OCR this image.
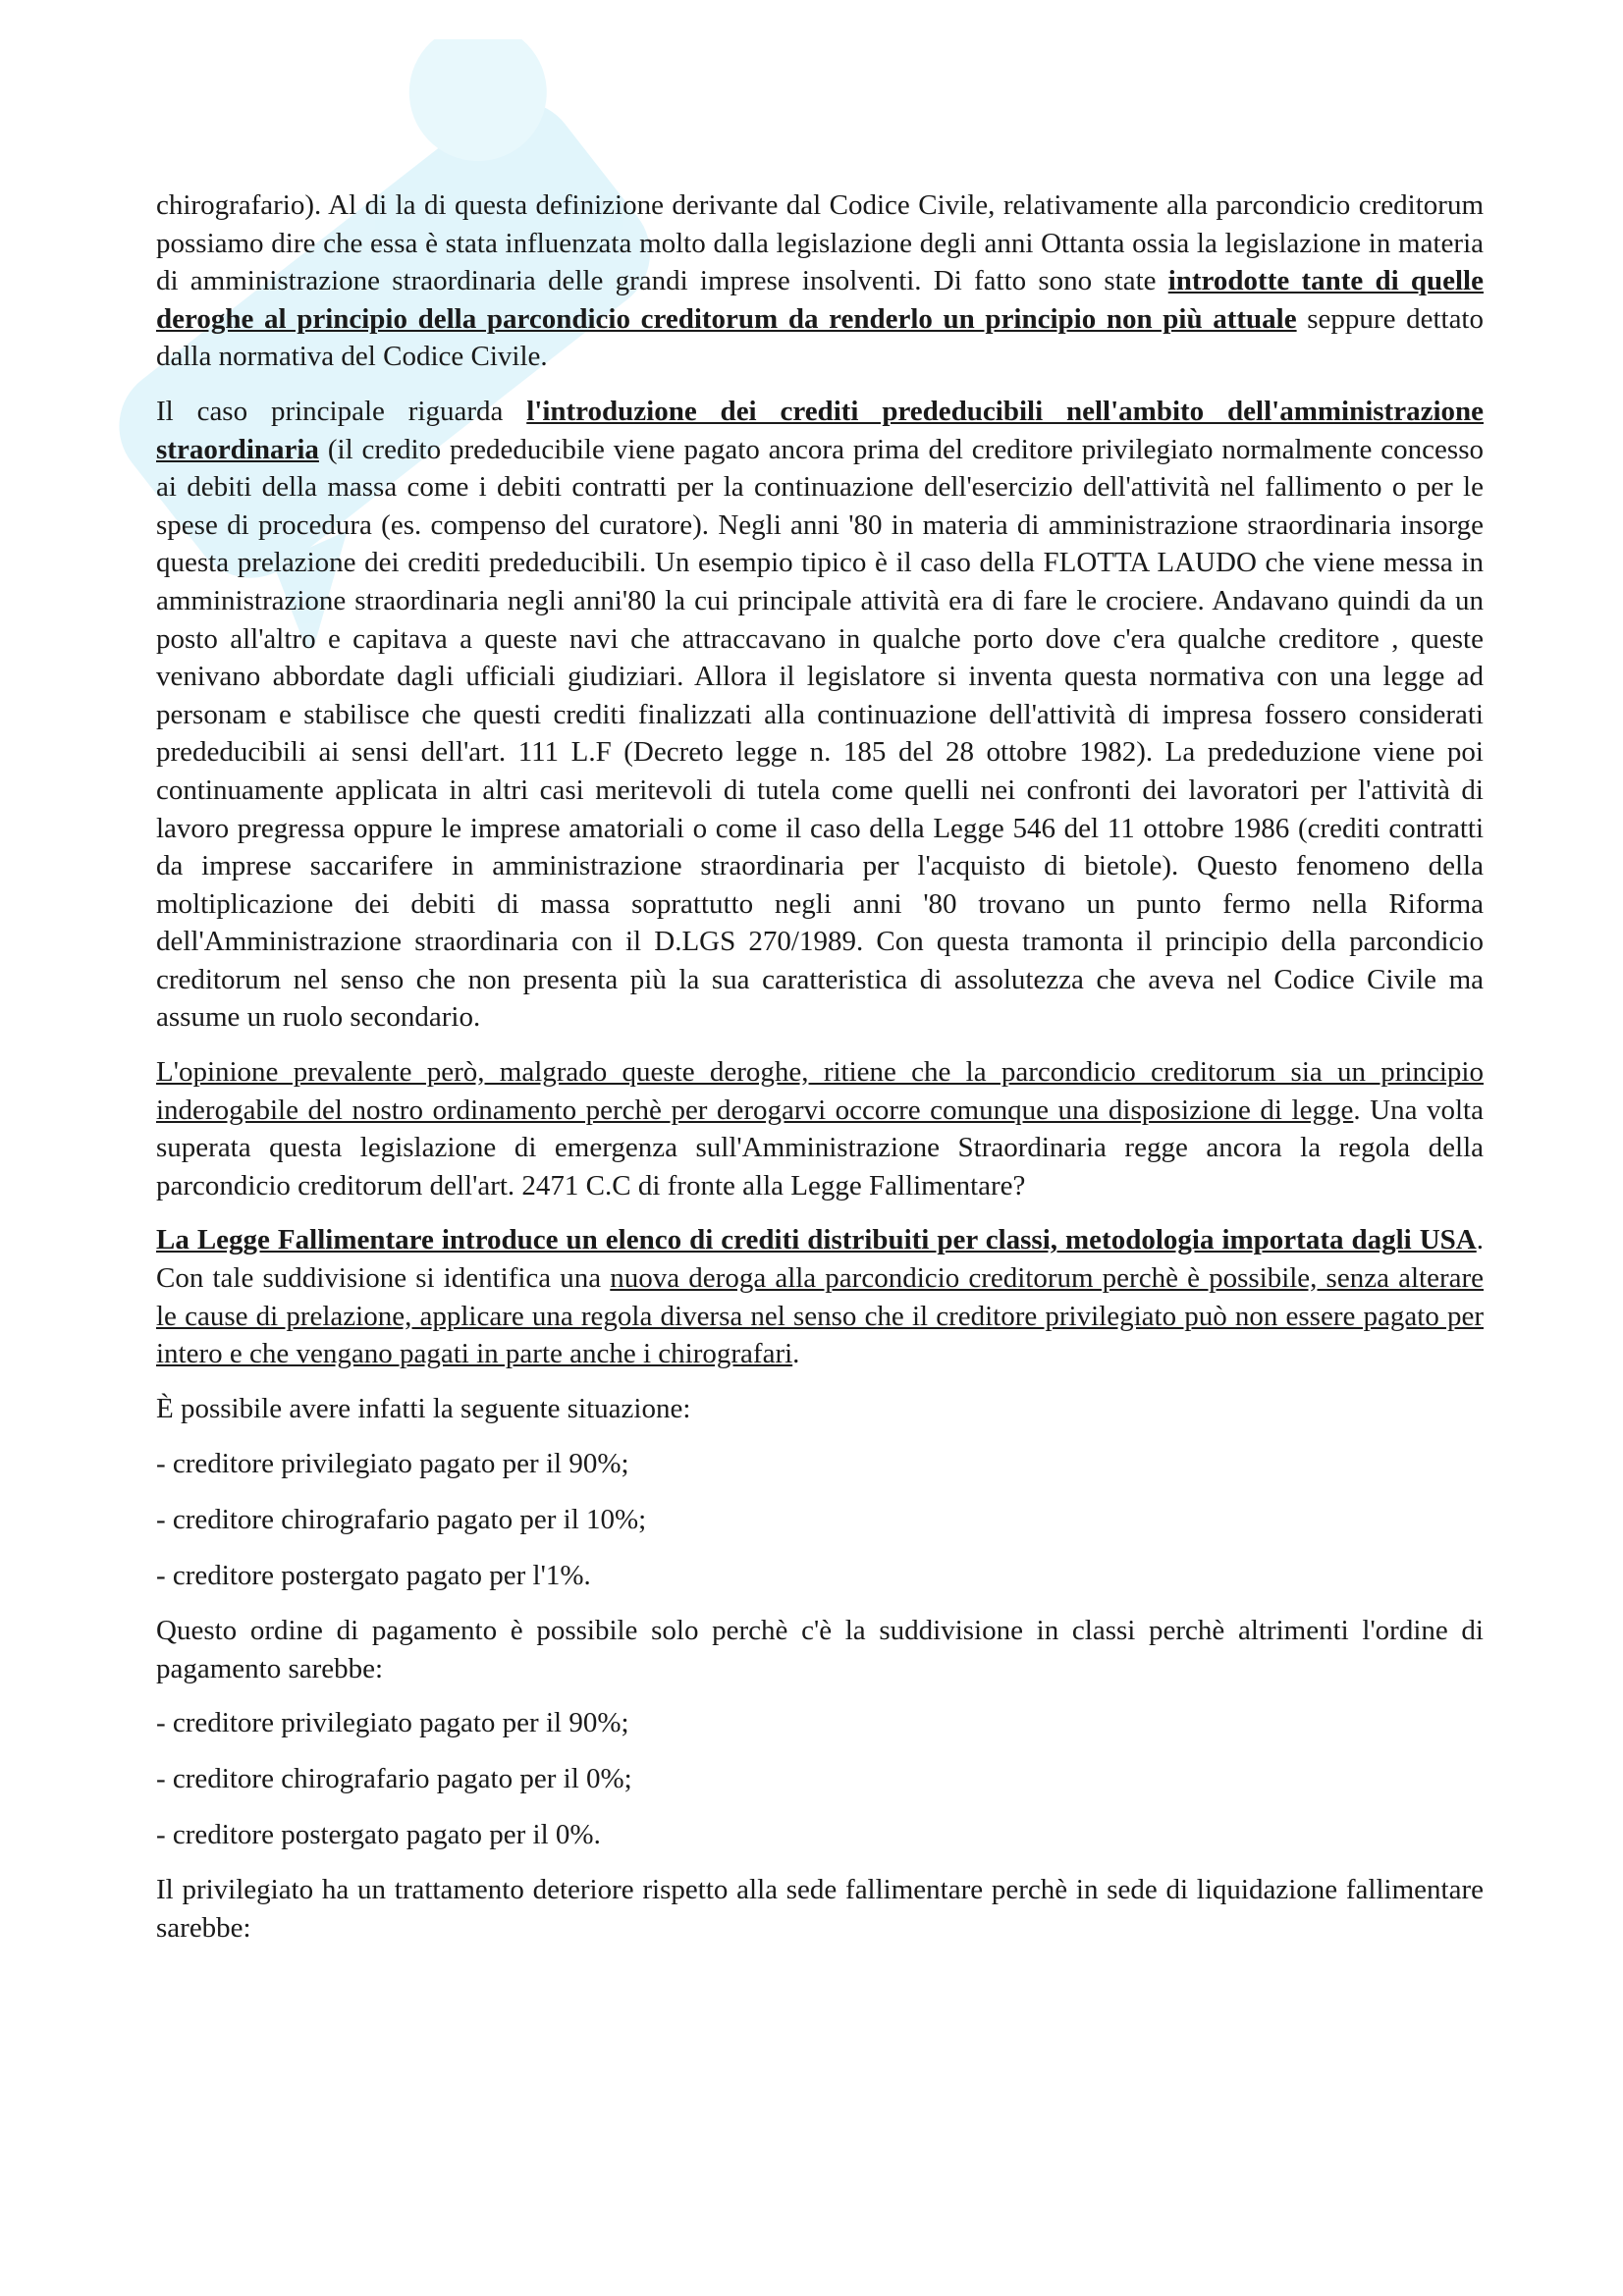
chirografario). Al di la di questa definizione derivante dal Codice Civile, relativamente alla parcondicio creditorum possiamo dire che essa è stata influenzata molto dalla legislazione degli anni Ottanta ossia la legislazione in materia di amministrazione straordinaria delle grandi imprese insolventi. Di fatto sono state introdotte tante di quelle deroghe al principio della parcondicio creditorum da renderlo un principio non più attuale seppure dettato dalla normativa del Codice Civile.

Il caso principale riguarda l'introduzione dei crediti prededucibili nell'ambito dell'amministrazione straordinaria (il credito prededucibile viene pagato ancora prima del creditore privilegiato normalmente concesso ai debiti della massa come i debiti contratti per la continuazione dell'esercizio dell'attività nel fallimento o per le spese di procedura (es. compenso del curatore). Negli anni '80 in materia di amministrazione straordinaria insorge questa prelazione dei crediti prededucibili. Un esempio tipico è il caso della FLOTTA LAUDO che viene messa in amministrazione straordinaria negli anni'80 la cui principale attività era di fare le crociere. Andavano quindi da un posto all'altro e capitava a queste navi che attraccavano in qualche porto dove c'era qualche creditore , queste venivano abbordate dagli ufficiali giudiziari. Allora il legislatore si inventa questa normativa con una legge ad personam e stabilisce che questi crediti finalizzati alla continuazione dell'attività di impresa fossero considerati prededucibili ai sensi dell'art. 111 L.F (Decreto legge n. 185 del 28 ottobre 1982). La prededuzione viene poi continuamente applicata in altri casi meritevoli di tutela come quelli nei confronti dei lavoratori per l'attività di lavoro pregressa oppure le imprese amatoriali o come il caso della Legge 546 del 11 ottobre 1986 (crediti contratti da imprese saccarifere in amministrazione straordinaria per l'acquisto di bietole). Questo fenomeno della moltiplicazione dei debiti di massa soprattutto negli anni '80 trovano un punto fermo nella Riforma dell'Amministrazione straordinaria con il D.LGS 270/1989. Con questa tramonta il principio della parcondicio creditorum nel senso che non presenta più la sua caratteristica di assolutezza che aveva nel Codice Civile ma assume un ruolo secondario.

L'opinione prevalente però, malgrado queste deroghe, ritiene che la parcondicio creditorum sia un principio inderogabile del nostro ordinamento perchè per derogarvi occorre comunque una disposizione di legge. Una volta superata questa legislazione di emergenza sull'Amministrazione Straordinaria regge ancora la regola della parcondicio creditorum dell'art. 2471 C.C di fronte alla Legge Fallimentare?

La Legge Fallimentare introduce un elenco di crediti distribuiti per classi, metodologia importata dagli USA. Con tale suddivisione si identifica una nuova deroga alla parcondicio creditorum perchè è possibile, senza alterare le cause di prelazione, applicare una regola diversa nel senso che il creditore privilegiato può non essere pagato per intero e che vengano pagati in parte anche i chirografari.

È possibile avere infatti la seguente situazione:

- creditore privilegiato pagato per il 90%;

- creditore chirografario pagato per il 10%;

- creditore postergato pagato per l'1%.

Questo ordine di pagamento è possibile solo perchè c'è la suddivisione in classi perchè altrimenti l'ordine di pagamento sarebbe:

- creditore privilegiato pagato per il 90%;

- creditore chirografario pagato per il 0%;

- creditore postergato pagato per il 0%.

Il privilegiato ha un trattamento deteriore rispetto alla sede fallimentare perchè in sede di liquidazione fallimentare sarebbe:
